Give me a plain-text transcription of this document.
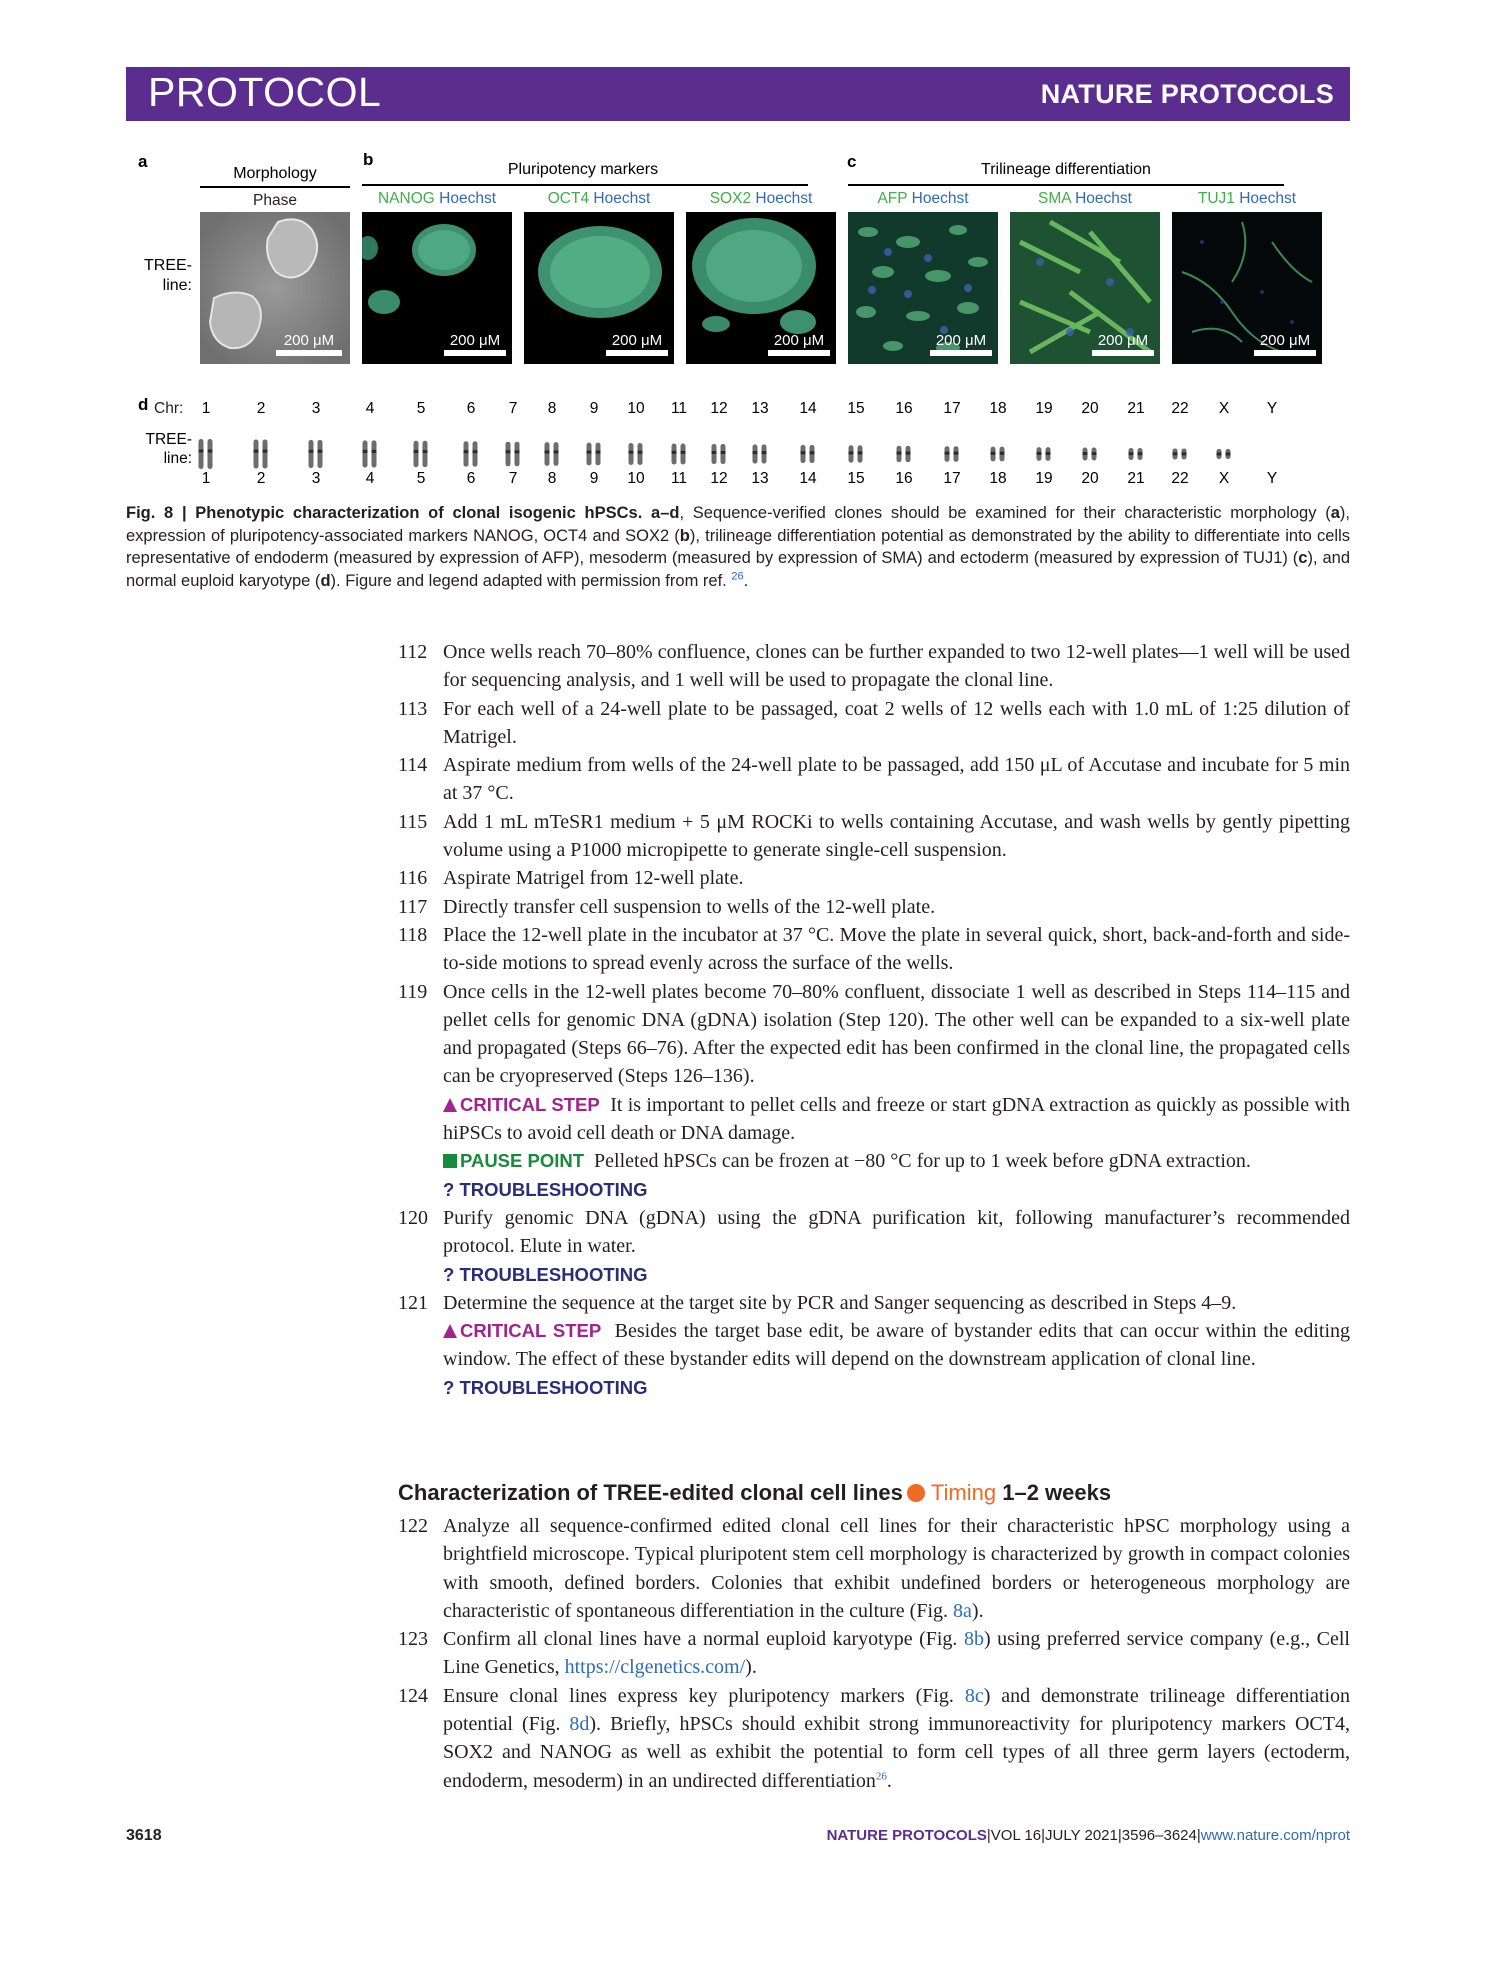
PROTOCOL	NATURE PROTOCOLS
a	b	c
d
Morphology	Pluripotency markers	Trilineage differentiation
Phase	NANOG Hoechst	OCT4 Hoechst	SOX2 Hoechst	AFP Hoechst	SMA Hoechst	TUJ1 Hoechst
TREE-
line:
200 μM	200 μM	200 μM	200 μM	200 μM	200 μM	200 μM
Chr:
TREE-
line:
1	2	3	4	5	6	7	8	9	10	11	12	13	14	15	16	17	18	19	20	21	22	X	Y
1	2	3	4	5	6	7	8	9	10	11	12	13	14	15	16	17	18	19	20	21	22	X	Y
Fig. 8 | Phenotypic characterization of clonal isogenic hPSCs. a–d, Sequence-verified clones should be examined for their characteristic morphology (a), expression of pluripotency-associated markers NANOG, OCT4 and SOX2 (b), trilineage differentiation potential as demonstrated by the ability to differentiate into cells representative of endoderm (measured by expression of AFP), mesoderm (measured by expression of SMA) and ectoderm (measured by expression of TUJ1) (c), and normal euploid karyotype (d). Figure and legend adapted with permission from ref. $^{26}$.
112 Once wells reach 70–80% confluence, clones can be further expanded to two 12-well plates—1 well will be used for sequencing analysis, and 1 well will be used to propagate the clonal line.
113 For each well of a 24-well plate to be passaged, coat 2 wells of 12 wells each with 1.0 mL of 1:25 dilution of Matrigel.
114 Aspirate medium from wells of the 24-well plate to be passaged, add 150 μL of Accutase and incubate for 5 min at 37 °C.
115 Add 1 mL mTeSR1 medium + 5 μM ROCKi to wells containing Accutase, and wash wells by gently pipetting volume using a P1000 micropipette to generate single-cell suspension.
116 Aspirate Matrigel from 12-well plate.
117 Directly transfer cell suspension to wells of the 12-well plate.
118 Place the 12-well plate in the incubator at 37 °C. Move the plate in several quick, short, back-and-forth and side-to-side motions to spread evenly across the surface of the wells.
119 Once cells in the 12-well plates become 70–80% confluent, dissociate 1 well as described in Steps 114–115 and pellet cells for genomic DNA (gDNA) isolation (Step 120). The other well can be expanded to a six-well plate and propagated (Steps 66–76). After the expected edit has been confirmed in the clonal line, the propagated cells can be cryopreserved (Steps 126–136).
CRITICAL STEP It is important to pellet cells and freeze or start gDNA extraction as quickly as possible with hiPSCs to avoid cell death or DNA damage.
PAUSE POINT Pelleted hPSCs can be frozen at −80 °C for up to 1 week before gDNA extraction.
? TROUBLESHOOTING
120 Purify genomic DNA (gDNA) using the gDNA purification kit, following manufacturer’s recommended protocol. Elute in water.
? TROUBLESHOOTING
121 Determine the sequence at the target site by PCR and Sanger sequencing as described in Steps 4–9.
CRITICAL STEP Besides the target base edit, be aware of bystander edits that can occur within the editing window. The effect of these bystander edits will depend on the downstream application of clonal line.
? TROUBLESHOOTING
Characterization of TREE-edited clonal cell lines Timing 1–2 weeks
122 Analyze all sequence-confirmed edited clonal cell lines for their characteristic hPSC morphology using a brightfield microscope. Typical pluripotent stem cell morphology is characterized by growth in compact colonies with smooth, defined borders. Colonies that exhibit undefined borders or heterogeneous morphology are characteristic of spontaneous differentiation in the culture (Fig. 8a).
123 Confirm all clonal lines have a normal euploid karyotype (Fig. 8b) using preferred service company (e.g., Cell Line Genetics, https://clgenetics.com/).
124 Ensure clonal lines express key pluripotency markers (Fig. 8c) and demonstrate trilineage differentiation potential (Fig. 8d). Briefly, hPSCs should exhibit strong immunoreactivity for pluripotency markers OCT4, SOX2 and NANOG as well as exhibit the potential to form cell types of all three germ layers (ectoderm, endoderm, mesoderm) in an undirected differentiation$^{26}$.
3618	NATURE PROTOCOLS|VOL 16|JULY 2021|3596–3624|www.nature.com/nprot
